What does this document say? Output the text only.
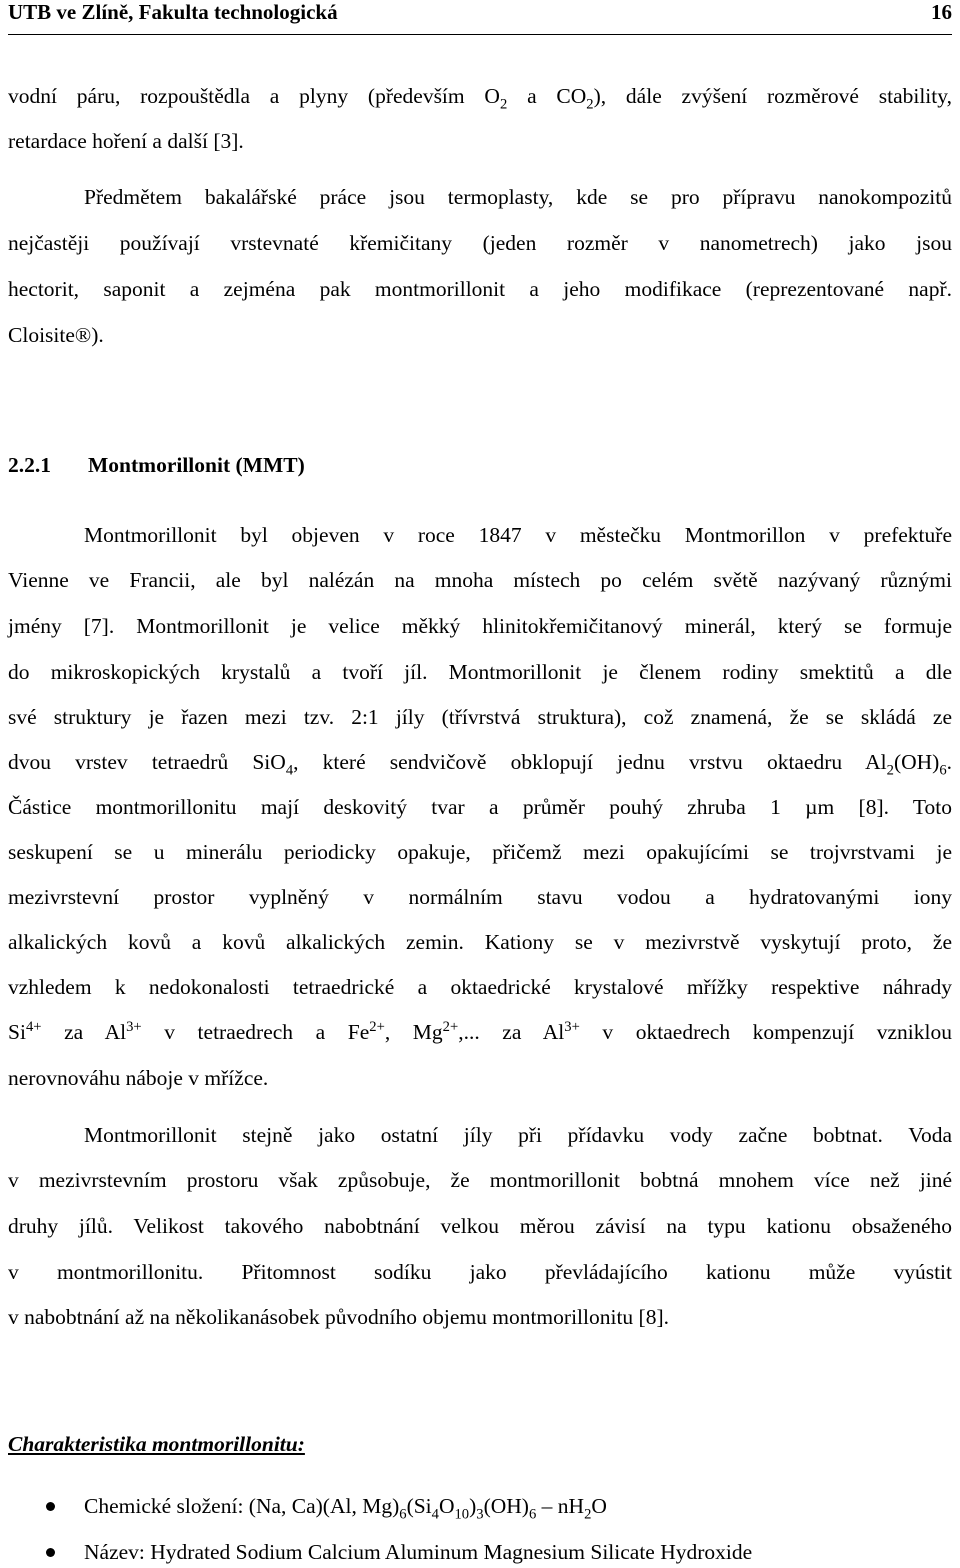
UTB ve Zlíně, Fakulta technologická	16
vodní páru, rozpouštědla a plyny (především $O_2$ a $CO_2$), dále zvýšení rozměrové stability,
retardace hoření a další [3].
Předmětem bakalářské práce jsou termoplasty, kde se pro přípravu nanokompozitů
nejčastěji používají vrstevnaté křemičitany (jeden rozměr v nanometrech) jako jsou
hectorit, saponit a zejména pak montmorillonit a jeho modifikace (reprezentované např.
Cloisite®).
2.2.1 Montmorillonit (MMT)
Montmorillonit byl objeven v roce 1847 v městečku Montmorillon v prefektuře
Vienne ve Francii, ale byl nalézán na mnoha místech po celém světě nazývaný různými
jmény [7]. Montmorillonit je velice měkký hlinitokřemičitanový minerál, který se formuje
do mikroskopických krystalů a tvoří jíl. Montmorillonit je členem rodiny smektitů a dle
své struktury je řazen mezi tzv. 2:1 jíly (třívrstvá struktura), což znamená, že se skládá ze
dvou vrstev tetraedrů SiO$_4$, které sendvičově obklopují jednu vrstvu oktaedru $Al_2(OH)_6$.
Částice montmorillonitu mají deskovitý tvar a průměr pouhý zhruba 1 µm [8]. Toto
seskupení se u minerálu periodicky opakuje, přičemž mezi opakujícími se trojvrstvami je
mezivrstevní prostor vyplněný v normálním stavu vodou a hydratovanými iony
alkalických kovů a kovů alkalických zemin. Kationy se v mezivrstvě vyskytují proto, že
vzhledem k nedokonalosti tetraedrické a oktaedrické krystalové mřížky respektive náhrady
$Si^{4+}$ za $Al^{3+}$ v tetraedrech a $Fe^{2+}$, $Mg^{2+}$,... za $Al^{3+}$ v oktaedrech kompenzují vzniklou
nerovnováhu náboje v mřížce.
Montmorillonit stejně jako ostatní jíly při přídavku vody začne bobtnat. Voda
v mezivrstevním prostoru však způsobuje, že montmorillonit bobtná mnohem více než jiné
druhy jílů. Velikost takového nabobtnání velkou měrou závisí na typu kationu obsaženého
v montmorillonitu. Přitomnost sodíku jako převládajícího kationu může vyústit
v nabobtnání až na několikanásobek původního objemu montmorillonitu [8].
Charakteristika montmorillonitu:
Chemické složení: (Na, Ca)(Al, $Mg)_6(Si_4O_{10})_3(OH)_6 - nH_2O$
Název: Hydrated Sodium Calcium Aluminum Magnesium Silicate Hydroxide
